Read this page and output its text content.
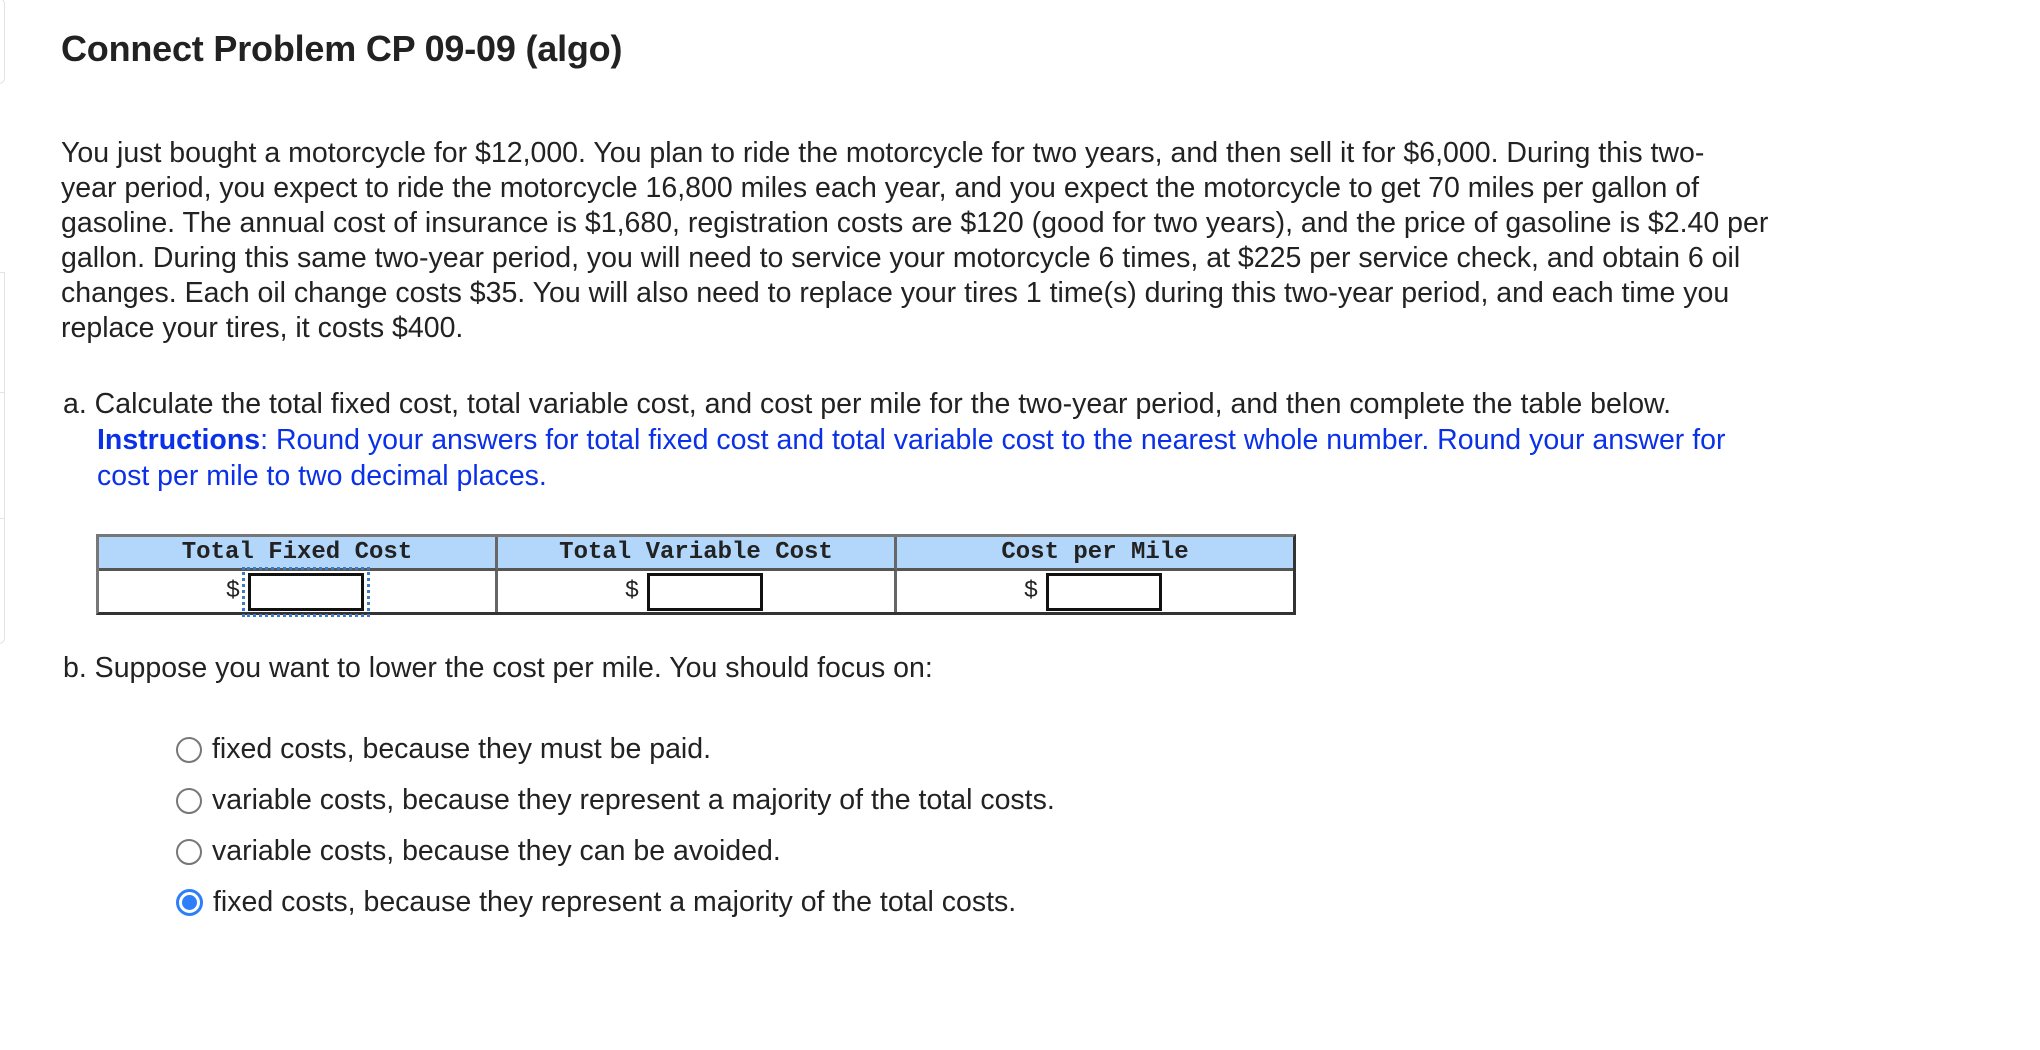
Connect Problem CP 09-09 (algo)
You just bought a motorcycle for $12,000. You plan to ride the motorcycle for two years, and then sell it for $6,000. During this two-
year period, you expect to ride the motorcycle 16,800 miles each year, and you expect the motorcycle to get 70 miles per gallon of
gasoline. The annual cost of insurance is $1,680, registration costs are $120 (good for two years), and the price of gasoline is $2.40 per
gallon. During this same two-year period, you will need to service your motorcycle 6 times, at $225 per service check, and obtain 6 oil
changes. Each oil change costs $35. You will also need to replace your tires 1 time(s) during this two-year period, and each time you
replace your tires, it costs $400.
a. Calculate the total fixed cost, total variable cost, and cost per mile for the two-year period, and then complete the table below.
Instructions: Round your answers for total fixed cost and total variable cost to the nearest whole number. Round your answer for
cost per mile to two decimal places.
Total Fixed Cost	Total Variable Cost	Cost per Mile

$	$	$
b. Suppose you want to lower the cost per mile. You should focus on:
fixed costs, because they must be paid.
variable costs, because they represent a majority of the total costs.
variable costs, because they can be avoided.
fixed costs, because they represent a majority of the total costs.
